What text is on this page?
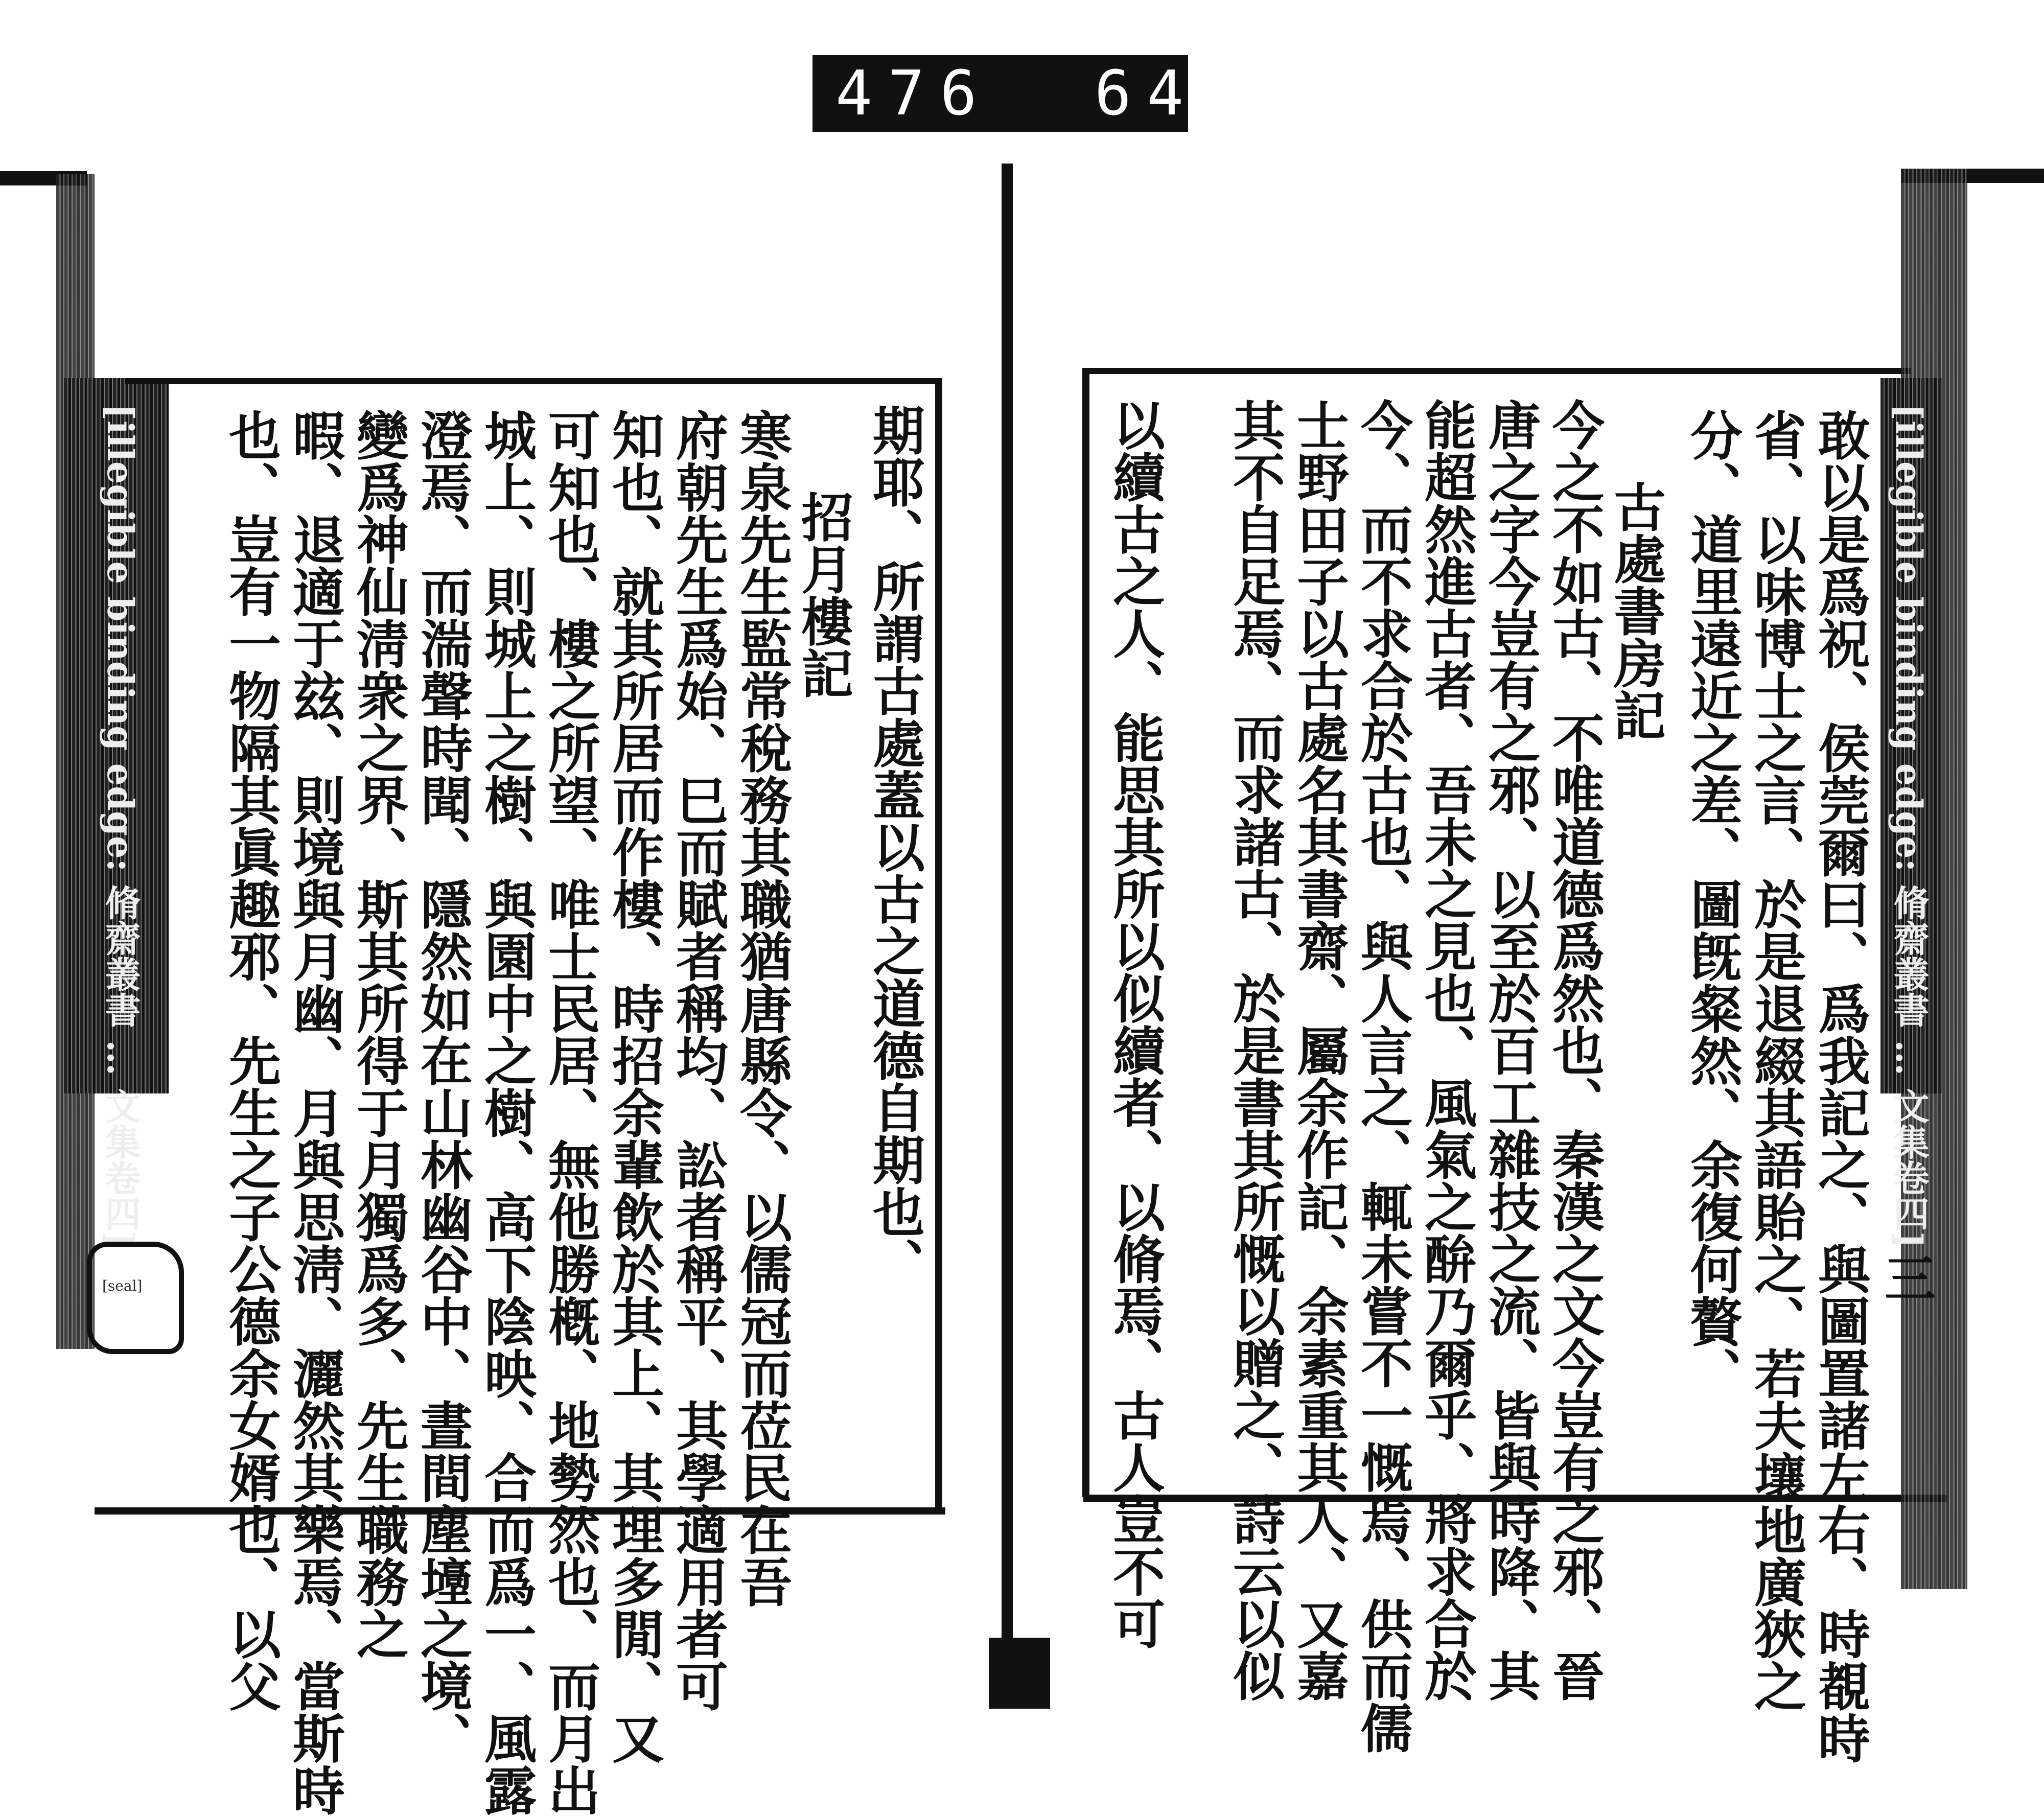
476 645.
[illegible binding edge: 脩齋叢書 … 文集卷四]
[seal]	期耶、所謂古處蓋以古之道德自期也、
招月樓記
寒泉先生監常稅務其職猶唐縣令、以儒冠而莅民在吾
府朝先生爲始、巳而賦者稱均、訟者稱平、其學適用者可
知也、就其所居而作樓、時招余輩飲於其上、其理多閒、又
可知也、樓之所望、唯士民居、無他勝槪、地勢然也、而月出
城上、則城上之樹、與園中之樹、高下陰映、合而爲一、風露
澄焉、而湍聲時聞、隱然如在山林幽谷中、晝間塵㙵之境、
變爲神仙淸衆之界、斯其所得于月獨爲多、先生職務之
暇、退適于玆、則境與月幽、月與思淸、灑然其樂焉、當斯時
也、豈有一物隔其眞趣邪、先生之子公德余女婿也、以父	[illegible binding edge: 脩齋叢書 … 文集卷四]
三
敢以是爲祝、侯莞爾曰、爲我記之、與圖置諸左右、時覩時
省、以味博士之言、於是退綴其語貽之、若夫壤地廣狹之
分、道里遠近之差、圖旣粲然、余復何贅、
古處書房記
今之不如古、不唯道德爲然也、秦漢之文今豈有之邪、晉
唐之字今豈有之邪、以至於百工雜技之流、皆與時降、其
能超然進古者、吾未之見也、風氣之䣲乃爾乎、將求合於
今、而不求合於古也、與人言之、輒未嘗不一慨焉、供而儒
士野田子以古處名其書齋、屬余作記、余素重其人、又嘉
其不自足焉、而求諸古、於是書其所慨以贈之、詩云以似
以續古之人、能思其所以似續者、以脩焉、古人豈不可
